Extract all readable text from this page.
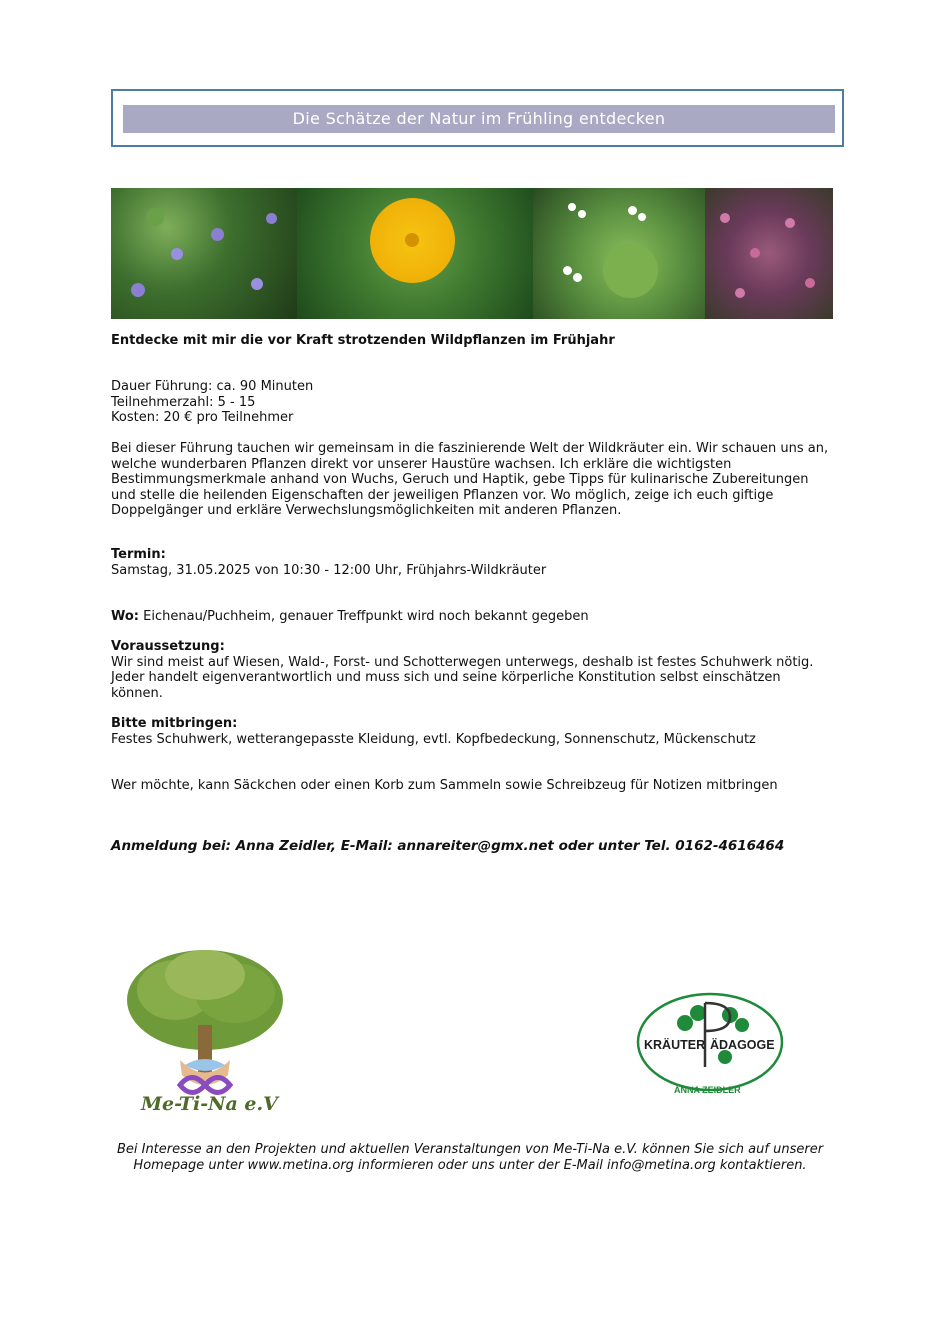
Die Schätze der Natur im Frühling entdecken
Entdecke mit mir die vor Kraft strotzenden Wildpflanzen im Frühjahr
Dauer Führung: ca. 90 Minuten
Teilnehmerzahl: 5 - 15
Kosten: 20 € pro Teilnehmer
Bei dieser Führung tauchen wir gemeinsam in die faszinierende Welt der Wildkräuter ein. Wir schauen uns an, welche wunderbaren Pflanzen direkt vor unserer Haustüre wachsen. Ich erkläre die wichtigsten Bestimmungsmerkmale anhand von Wuchs, Geruch und Haptik, gebe Tipps für kulinarische Zubereitungen und stelle die heilenden Eigenschaften der jeweiligen Pflanzen vor. Wo möglich, zeige ich euch giftige Doppelgänger und erkläre Verwechslungsmöglichkeiten mit anderen Pflanzen.
Termin:
Samstag, 31.05.2025 von 10:30 - 12:00 Uhr, Frühjahrs-Wildkräuter
Wo: Eichenau/Puchheim, genauer Treffpunkt wird noch bekannt gegeben
Voraussetzung:
Wir sind meist auf Wiesen, Wald-, Forst- und Schotterwegen unterwegs, deshalb ist festes Schuhwerk nötig. Jeder handelt eigenverantwortlich und muss sich und seine körperliche Konstitution selbst einschätzen können.
Bitte mitbringen:
Festes Schuhwerk, wetterangepasste Kleidung, evtl. Kopfbedeckung, Sonnenschutz, Mückenschutz
Wer möchte, kann Säckchen oder einen Korb zum Sammeln sowie Schreibzeug für Notizen mitbringen
Anmeldung bei: Anna Zeidler, E-Mail: annareiter@gmx.net oder unter Tel. 0162-4616464
Me-Ti-Na e.V
KRÄUTER ÄDAGOGE
ANNA ZEIDLER
Bei Interesse an den Projekten und aktuellen Veranstaltungen von Me-Ti-Na e.V. können Sie sich auf unserer Homepage unter www.metina.org informieren oder uns unter der E-Mail info@metina.org kontaktieren.
